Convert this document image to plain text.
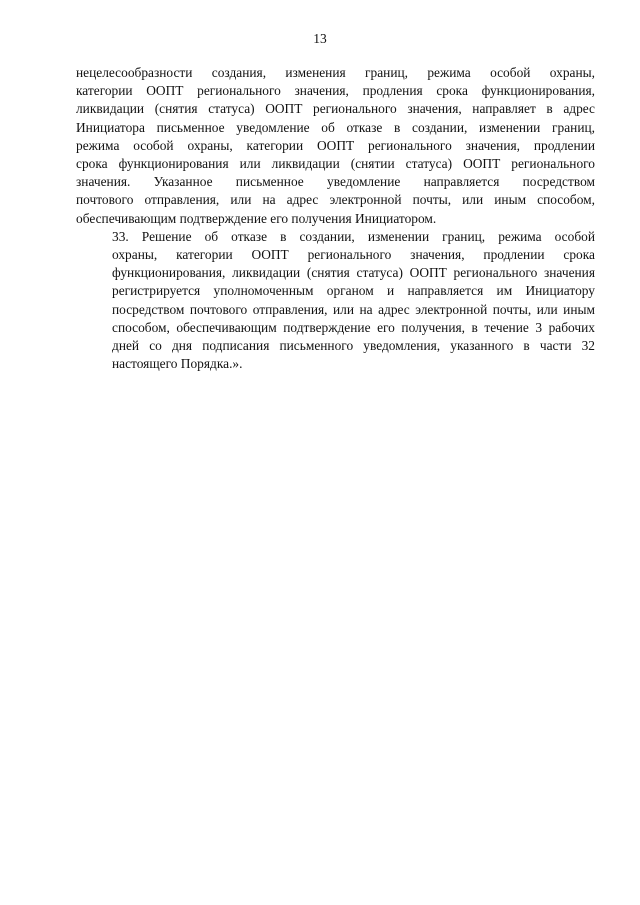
13

нецелесообразности создания, изменения границ, режима особой охраны,
категории ООПТ регионального значения, продления срока функционирования,
ликвидации (снятия статуса) ООПТ регионального значения, направляет в адрес
Инициатора письменное уведомление об отказе в создании, изменении границ,
режима особой охраны, категории ООПТ регионального значения, продлении
срока функционирования или ликвидации (снятии статуса) ООПТ регионального
значения. Указанное письменное уведомление направляется посредством
почтового отправления, или на адрес электронной почты, или иным способом,
обеспечивающим подтверждение его получения Инициатором.

33. Решение об отказе в создании, изменении границ, режима особой
охраны, категории ООПТ регионального значения, продлении срока
функционирования, ликвидации (снятия статуса) ООПТ регионального значения
регистрируется уполномоченным органом и направляется им Инициатору
посредством почтового отправления, или на адрес электронной почты, или иным
способом, обеспечивающим подтверждение его получения, в течение 3 рабочих
дней со дня подписания письменного уведомления, указанного в части 32
настоящего Порядка.».
